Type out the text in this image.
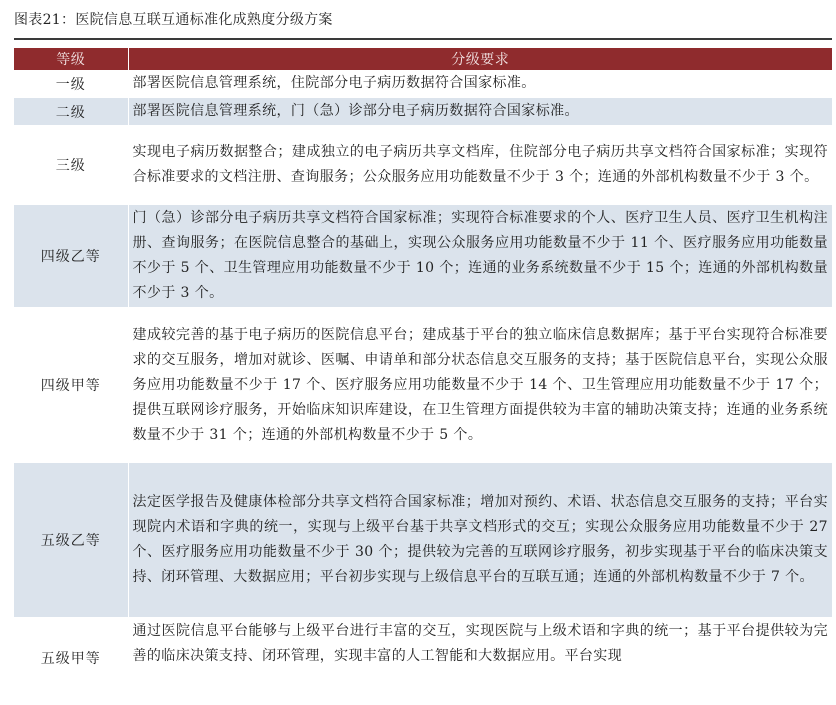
图表21：医院信息互联互通标准化成熟度分级方案
等级	分级要求
一级	部署医院信息管理系统，住院部分电子病历数据符合国家标准。
二级	部署医院信息管理系统，门（急）诊部分电子病历数据符合国家标准。
三级	实现电子病历数据整合；建成独立的电子病历共享文档库，住院部分电子病历共享文档符合国家标准；实现符合标准要求的文档注册、查询服务；公众服务应用功能数量不少于 3 个；连通的外部机构数量不少于 3 个。
四级乙等	门（急）诊部分电子病历共享文档符合国家标准；实现符合标准要求的个人、医疗卫生人员、医疗卫生机构注册、查询服务；在医院信息整合的基础上，实现公众服务应用功能数量不少于 11 个、医疗服务应用功能数量不少于 5 个、卫生管理应用功能数量不少于 10 个；连通的业务系统数量不少于 15 个；连通的外部机构数量不少于 3 个。
四级甲等	建成较完善的基于电子病历的医院信息平台；建成基于平台的独立临床信息数据库；基于平台实现符合标准要求的交互服务，增加对就诊、医嘱、申请单和部分状态信息交互服务的支持；基于医院信息平台，实现公众服务应用功能数量不少于 17 个、医疗服务应用功能数量不少于 14 个、卫生管理应用功能数量不少于 17 个；提供互联网诊疗服务，开始临床知识库建设，在卫生管理方面提供较为丰富的辅助决策支持；连通的业务系统数量不少于 31 个；连通的外部机构数量不少于 5 个。
五级乙等	法定医学报告及健康体检部分共享文档符合国家标准；增加对预约、术语、状态信息交互服务的支持；平台实现院内术语和字典的统一，实现与上级平台基于共享文档形式的交互；实现公众服务应用功能数量不少于 27 个、医疗服务应用功能数量不少于 30 个；提供较为完善的互联网诊疗服务，初步实现基于平台的临床决策支持、闭环管理、大数据应用；平台初步实现与上级信息平台的互联互通；连通的外部机构数量不少于 7 个。
五级甲等	通过医院信息平台能够与上级平台进行丰富的交互，实现医院与上级术语和字典的统一；基于平台提供较为完善的临床决策支持、闭环管理，实现丰富的人工智能和大数据应用。平台实现
